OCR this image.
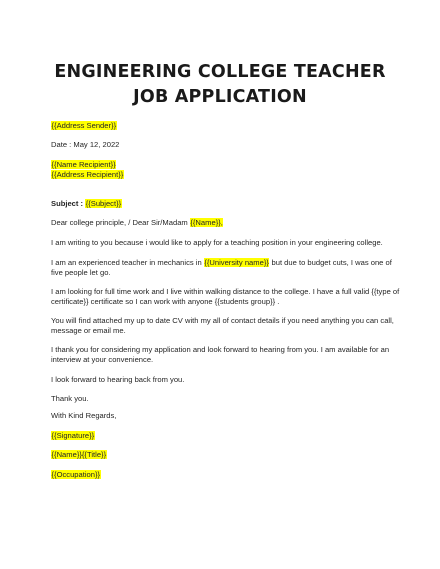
ENGINEERING COLLEGE TEACHER
JOB APPLICATION
{{Address Sender}}
Date : May 12, 2022
{{Name Recipient}}
{{Address Recipient}}
Subject : {{Subject}}
Dear college principle, / Dear Sir/Madam {{Name}},
I am writing to you because i would like to apply for a teaching position in your engineering college.
I am an experienced teacher in mechanics in {{University name}} but due to budget cuts, I was one of
five people let go.
I am looking for full time work and I live within walking distance to the college. I have a full valid {{type of
certificate}} certificate so I can work with anyone {{students group}} .
You will find attached my up to date CV with my all of contact details if you need anything you can call,
message or email me.
I thank you for considering my application and look forward to hearing from you. I am available for an
interview at your convenience.
I look forward to hearing back from you.
Thank you.
With Kind Regards,
{{Signature}}
{{Name}}{{Title}}
{{Occupation}}
